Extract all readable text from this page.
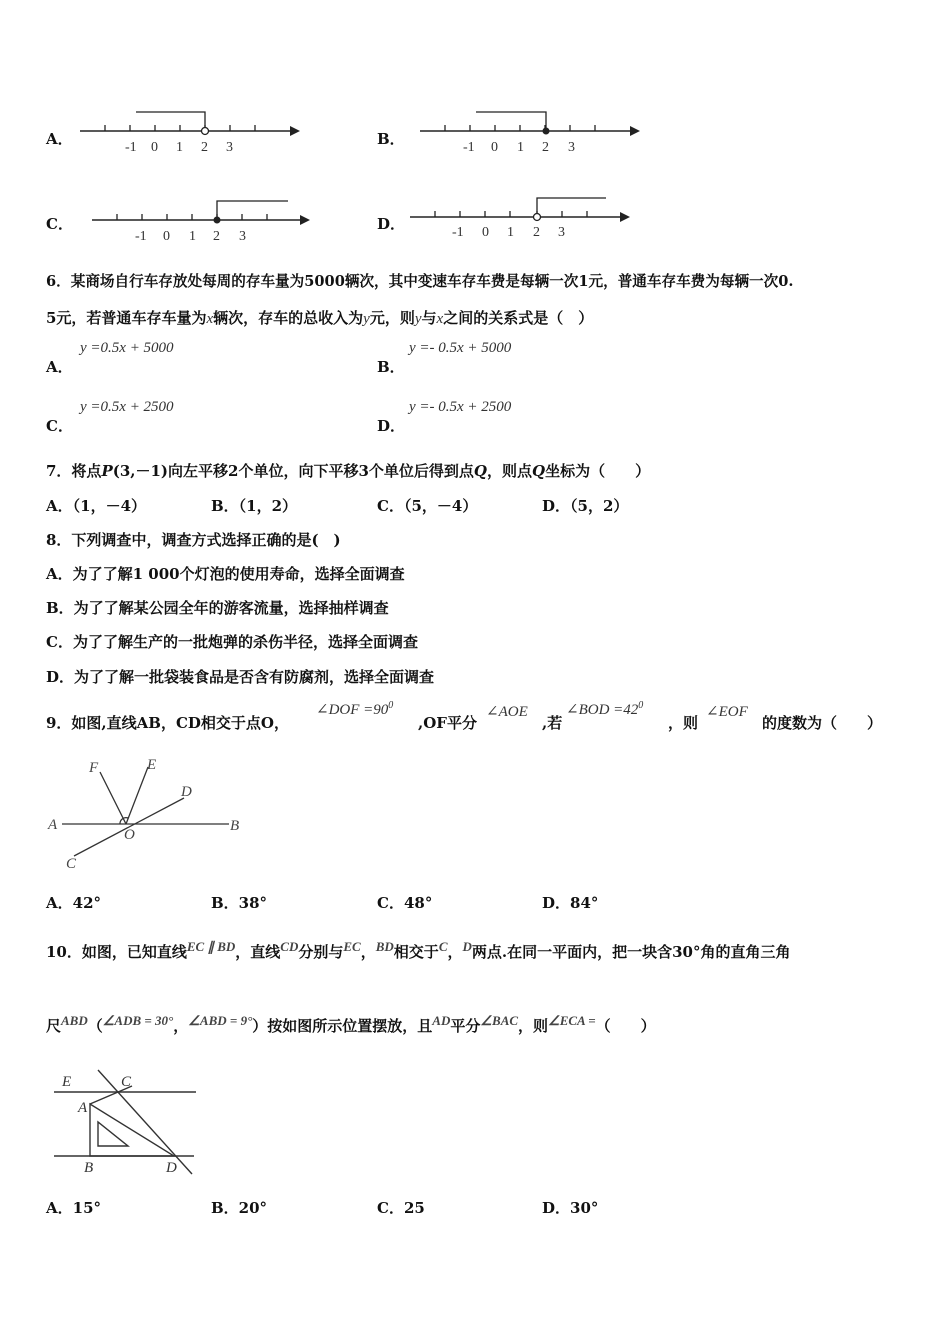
A．	-1 0 1 2 3	B．	-1 0 1 2 3
C．
-1 0 1 2 3
D．	-1 0 1 2 3
6．某商场自行车存放处每周的存车量为5000辆次，其中变速车存车费是每辆一次1元，普通车存车费为每辆一次0.
5元，若普通车存车量为x辆次，存车的总收入为y元，则y与x之间的关系式是（　）
A．
y =0.5x + 5000
B．
y =- 0.5x + 5000
C．
y =0.5x + 2500
D．
y =- 0.5x + 2500
7．将点P(3,－1)向左平移2个单位，向下平移3个单位后得到点Q，则点Q坐标为（　　）
A．（1，－4）	B．（1，2）	C．（5，－4）	D．（5，2）
8．下列调查中，调查方式选择正确的是(　)
A．为了了解1 000个灯泡的使用寿命，选择全面调查
B．为了了解某公园全年的游客流量，选择抽样调查
C．为了了解生产的一批炮弹的杀伤半径，选择全面调查
D．为了了解一批袋装食品是否含有防腐剂，选择全面调查
9．如图,直线AB，CD相交于点O，
∠DOF $=90^0$
,OF平分
∠AOE
,若
∠BOD $=42^0$
，则
∠EOF
的度数为（　　）
F	E
D
A
O
B
C
A．42°	B．38°	C．48°	D．84°
10．如图，已知直线EC ∥ BD，直线CD分别与EC，BD相交于C，D两点.在同一平面内，把一块含30°角的直角三角
尺ABD（∠ADB = 30°，∠ABD = 9°）按如图所示位置摆放，且AD平分∠BAC，则∠ECA =（　　）
E	C
A
B	D
A．15°	B．20°	C．25	D．30°
